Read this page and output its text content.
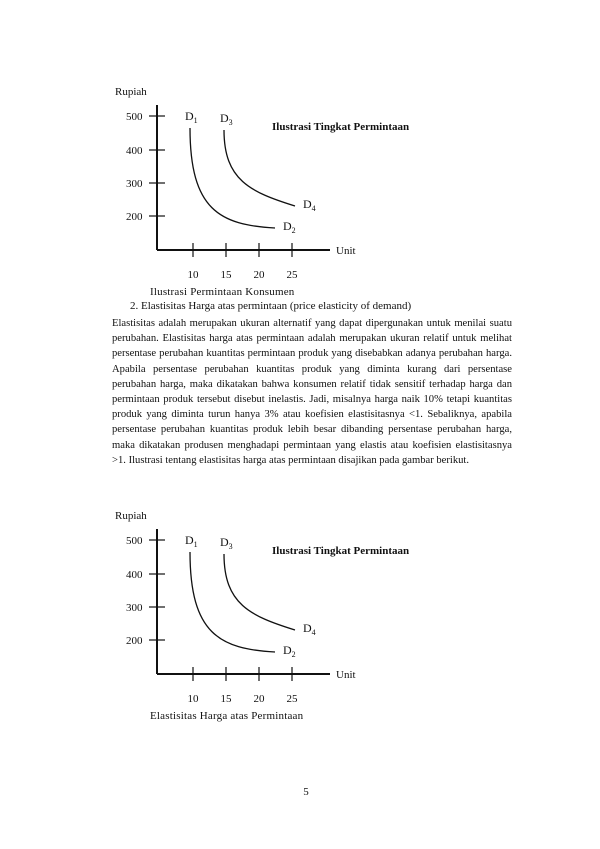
Rupiah
500
400
300
200
10 15 20 25
Unit
Ilustrasi Tingkat Permintaan
$D_1$ $D_3$
$D_2$
$D_4$
Ilustrasi Permintaan Konsumen
2. Elastisitas Harga atas permintaan (price elasticity of demand)
Elastisitas adalah merupakan ukuran alternatif yang dapat dipergunakan untuk menilai suatu perubahan. Elastisitas harga atas permintaan adalah merupakan ukuran relatif untuk melihat persentase perubahan kuantitas permintaan produk yang disebabkan adanya perubahan harga. Apabila persentase perubahan kuantitas produk yang diminta kurang dari persentase perubahan harga, maka dikatakan bahwa konsumen relatif tidak sensitif terhadap harga dan permintaan produk tersebut disebut inelastis. Jadi, misalnya harga naik 10% tetapi kuantitas produk yang diminta turun hanya 3% atau koefisien elastisitasnya <1. Sebaliknya, apabila persentase perubahan kuantitas produk lebih besar dibanding persentase perubahan harga, maka dikatakan produsen menghadapi permintaan yang elastis atau koefisien elastisitasnya >1. Ilustrasi tentang elastisitas harga atas permintaan disajikan pada gambar berikut.
Rupiah
500
400
300
200
10 15 20 25
Unit
Ilustrasi Tingkat Permintaan
$D_1$ $D_3$
$D_2$
$D_4$
Elastisitas Harga atas Permintaan
5
